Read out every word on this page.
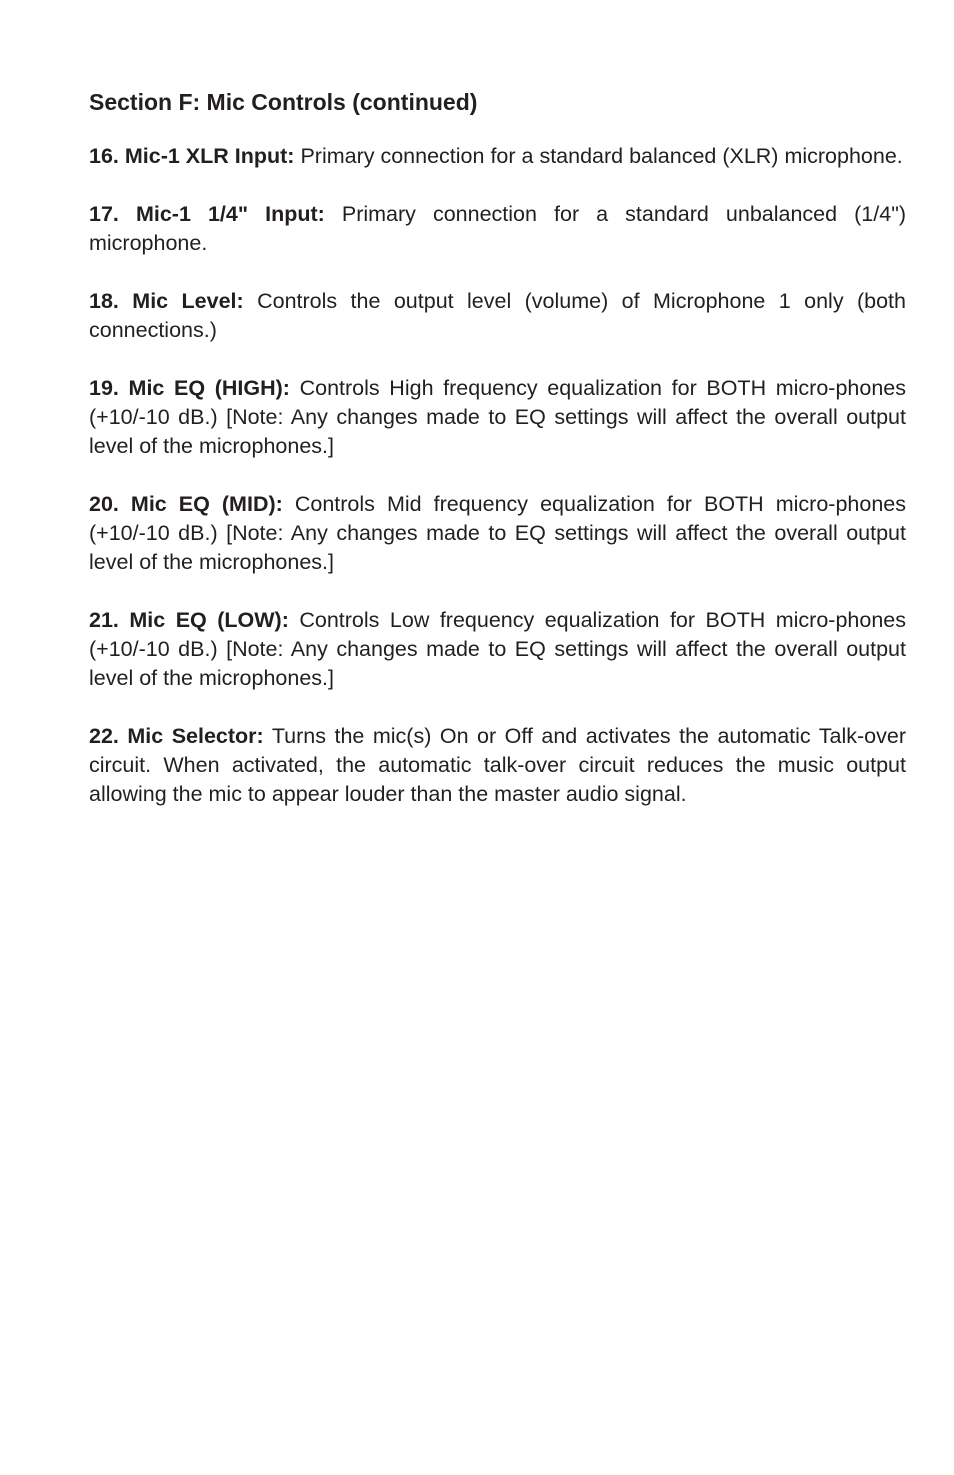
Section F: Mic Controls (continued)

16. Mic-1 XLR Input: Primary connection for a standard balanced (XLR) microphone.

17. Mic-1 1/4" Input: Primary connection for a standard unbalanced (1/4") microphone.

18. Mic Level: Controls the output level (volume) of Microphone 1 only (both connections.)

19. Mic EQ (HIGH): Controls High frequency equalization for BOTH micro-phones (+10/-10 dB.) [Note: Any changes made to EQ settings will affect the overall output level of the microphones.]

20. Mic EQ (MID): Controls Mid frequency equalization for BOTH micro-phones (+10/-10 dB.) [Note: Any changes made to EQ settings will affect the overall output level of the microphones.]

21. Mic EQ (LOW): Controls Low frequency equalization for BOTH micro-phones (+10/-10 dB.) [Note: Any changes made to EQ settings will affect the overall output level of the microphones.]

22. Mic Selector: Turns the mic(s) On or Off and activates the automatic Talk-over circuit. When activated, the automatic talk-over circuit reduces the music output allowing the mic to appear louder than the master audio signal.
